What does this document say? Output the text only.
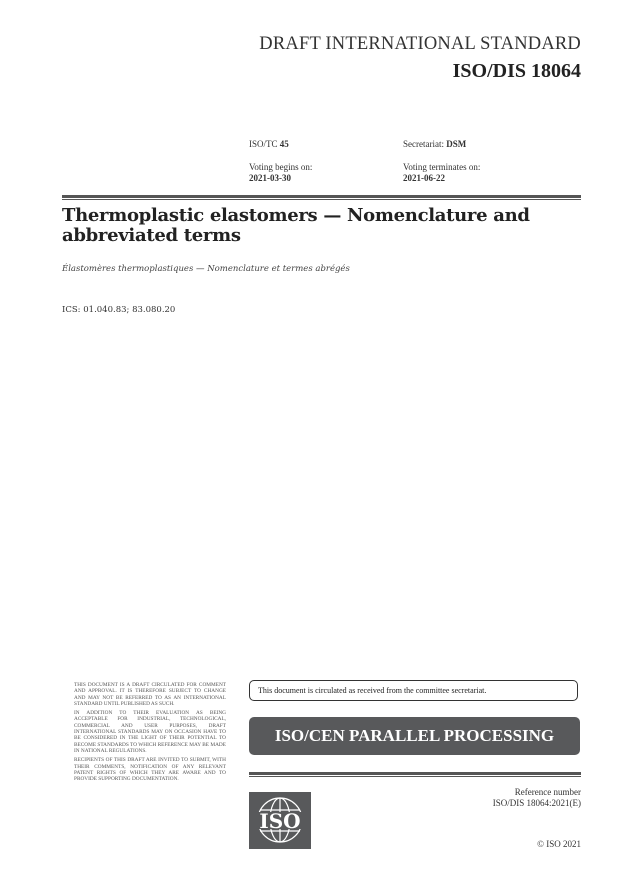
DRAFT INTERNATIONAL STANDARD
ISO/DIS 18064
ISO/TC 45	Secretariat: DSM
Voting begins on:
2021-03-30
Voting terminates on:
2021-06-22
Thermoplastic elastomers — Nomenclature and abbreviated terms
Élastomères thermoplastiques — Nomenclature et termes abrégés
ICS: 01.040.83; 83.080.20

THIS DOCUMENT IS A DRAFT CIRCULATED FOR COMMENT AND APPROVAL. IT IS THEREFORE SUBJECT TO CHANGE AND MAY NOT BE REFERRED TO AS AN INTERNATIONAL STANDARD UNTIL PUBLISHED AS SUCH.

IN ADDITION TO THEIR EVALUATION AS BEING ACCEPTABLE FOR INDUSTRIAL, TECHNOLOGICAL, COMMERCIAL AND USER PURPOSES, DRAFT INTERNATIONAL STANDARDS MAY ON OCCASION HAVE TO BE CONSIDERED IN THE LIGHT OF THEIR POTENTIAL TO BECOME STANDARDS TO WHICH REFERENCE MAY BE MADE IN NATIONAL REGULATIONS.

RECIPIENTS OF THIS DRAFT ARE INVITED TO SUBMIT, WITH THEIR COMMENTS, NOTIFICATION OF ANY RELEVANT PATENT RIGHTS OF WHICH THEY ARE AWARE AND TO PROVIDE SUPPORTING DOCUMENTATION.

This document is circulated as received from the committee secretariat.
ISO/CEN PARALLEL PROCESSING
ISO
Reference number
ISO/DIS 18064:2021(E)
© ISO 2021
